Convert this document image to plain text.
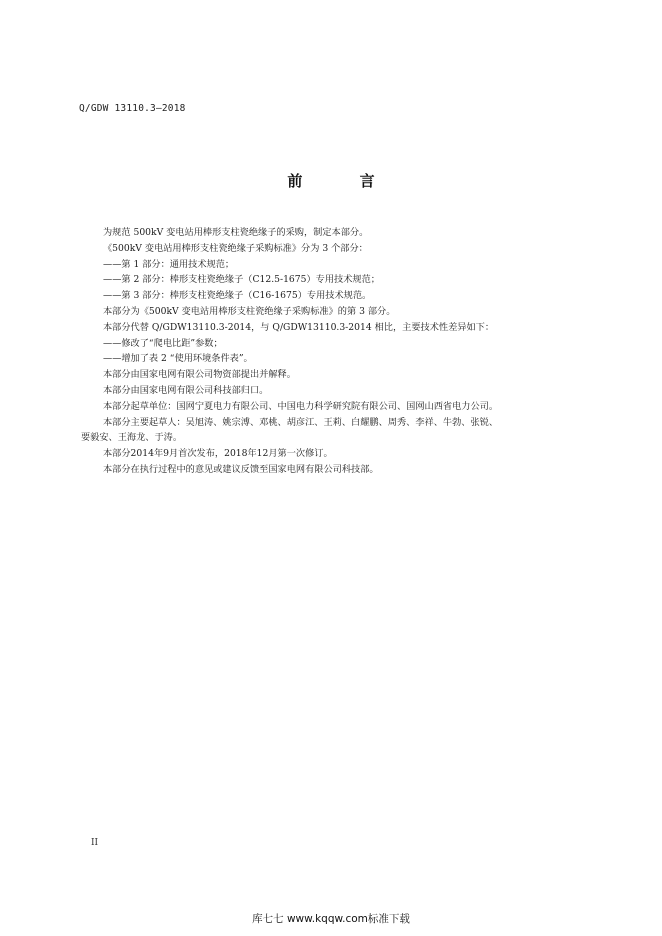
Q/GDW 13110.3—2018
前 言

为规范 500kV 变电站用棒形支柱瓷绝缘子的采购，制定本部分。

《500kV 变电站用棒形支柱瓷绝缘子采购标准》分为 3 个部分：

——第 1 部分：通用技术规范；

——第 2 部分：棒形支柱瓷绝缘子（C12.5-1675）专用技术规范；

——第 3 部分：棒形支柱瓷绝缘子（C16-1675）专用技术规范。

本部分为《500kV 变电站用棒形支柱瓷绝缘子采购标准》的第 3 部分。

本部分代替 Q/GDW13110.3-2014，与 Q/GDW13110.3-2014 相比，主要技术性差异如下：

——修改了“爬电比距”参数；

——增加了表 2 “使用环境条件表”。

本部分由国家电网有限公司物资部提出并解释。

本部分由国家电网有限公司科技部归口。

本部分起草单位：国网宁夏电力有限公司、中国电力科学研究院有限公司、国网山西省电力公司。

本部分主要起草人：吴旭涛、姚宗溥、邓桃、胡彦江、王莉、白耀鹏、周秀、李祥、牛勃、张锐、
要毅安、王海龙、于涛。

本部分2014年9月首次发布，2018年12月第一次修订。

本部分在执行过程中的意见或建议反馈至国家电网有限公司科技部。

II
库七七 www.kqqw.com标准下载
